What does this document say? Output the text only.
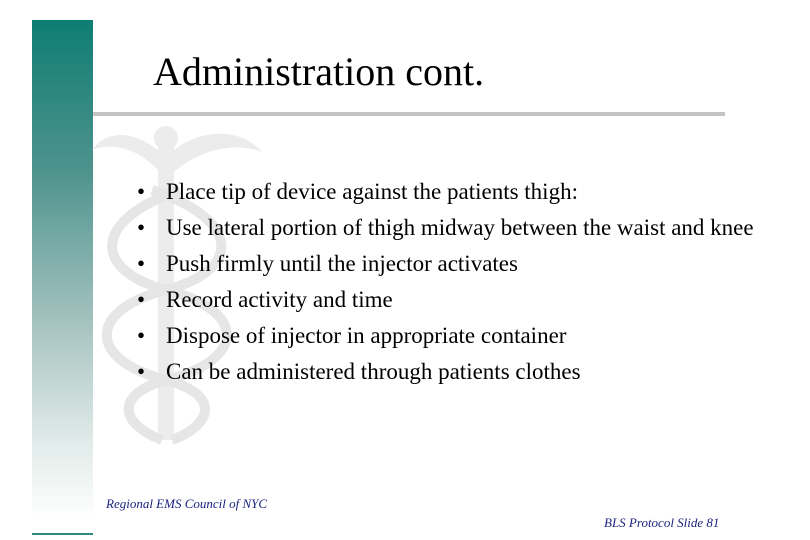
Administration cont.
• Place tip of device against the patients thigh:
• Use lateral portion of thigh midway between the waist and knee
• Push firmly until the injector activates
• Record activity and time
• Dispose of injector in appropriate container
• Can be administered through patients clothes
Regional EMS Council of NYC
BLS Protocol Slide 81
